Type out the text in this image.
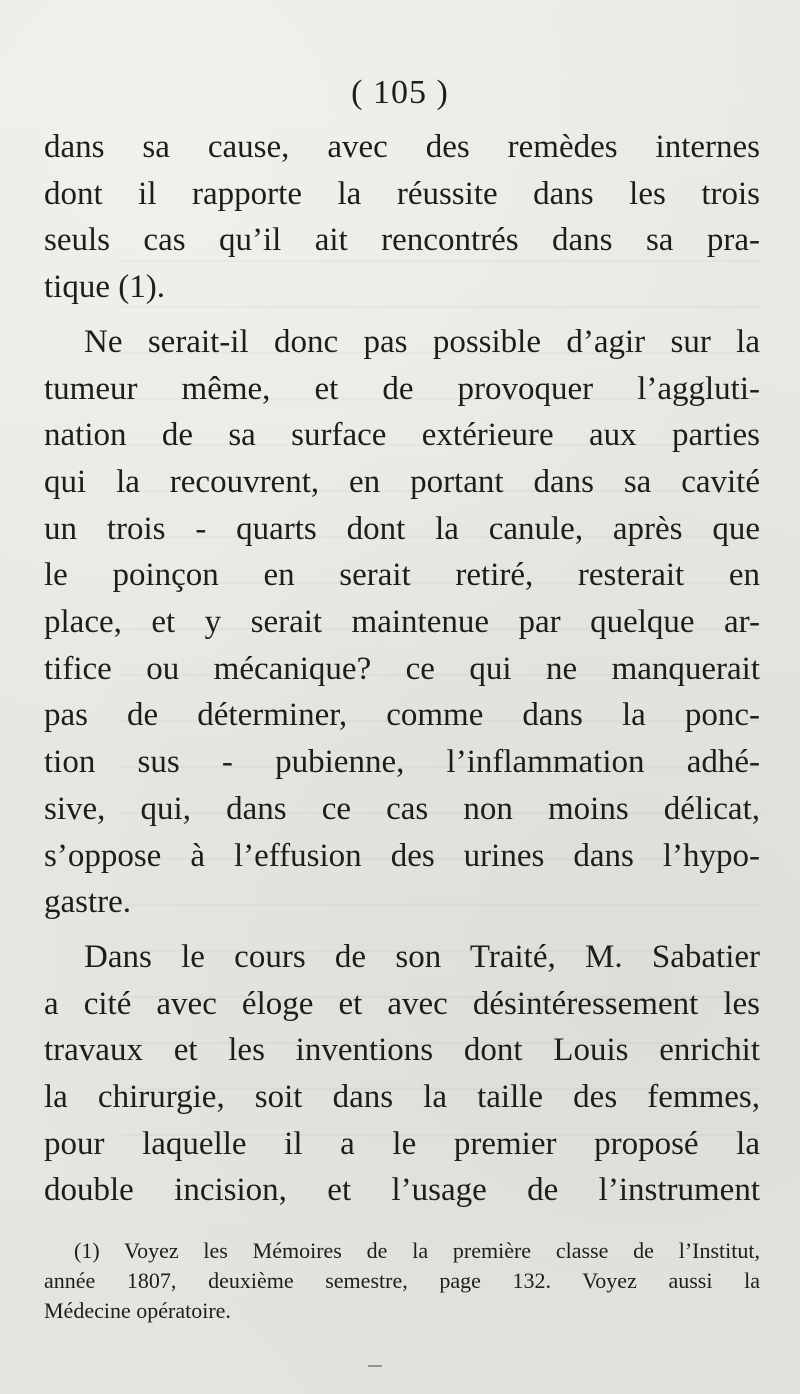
( 105 )
dans sa cause, avec des remèdes internes
dont il rapporte la réussite dans les trois
seuls cas qu’il ait rencontrés dans sa pra-
tique (1).
Ne serait-il donc pas possible d’agir sur la
tumeur même, et de provoquer l’aggluti-
nation de sa surface extérieure aux parties
qui la recouvrent, en portant dans sa cavité
un trois - quarts dont la canule, après que
le poinçon en serait retiré, resterait en
place, et y serait maintenue par quelque ar-
tifice ou mécanique? ce qui ne manquerait
pas de déterminer, comme dans la ponc-
tion sus - pubienne, l’inflammation adhé-
sive, qui, dans ce cas non moins délicat,
s’oppose à l’effusion des urines dans l’hypo-
gastre.
Dans le cours de son Traité, M. Sabatier
a cité avec éloge et avec désintéressement les
travaux et les inventions dont Louis enrichit
la chirurgie, soit dans la taille des femmes,
pour laquelle il a le premier proposé la
double incision, et l’usage de l’instrument
(1) Voyez les Mémoires de la première classe de l’Institut,
année 1807, deuxième semestre, page 132. Voyez aussi la
Médecine opératoire.
